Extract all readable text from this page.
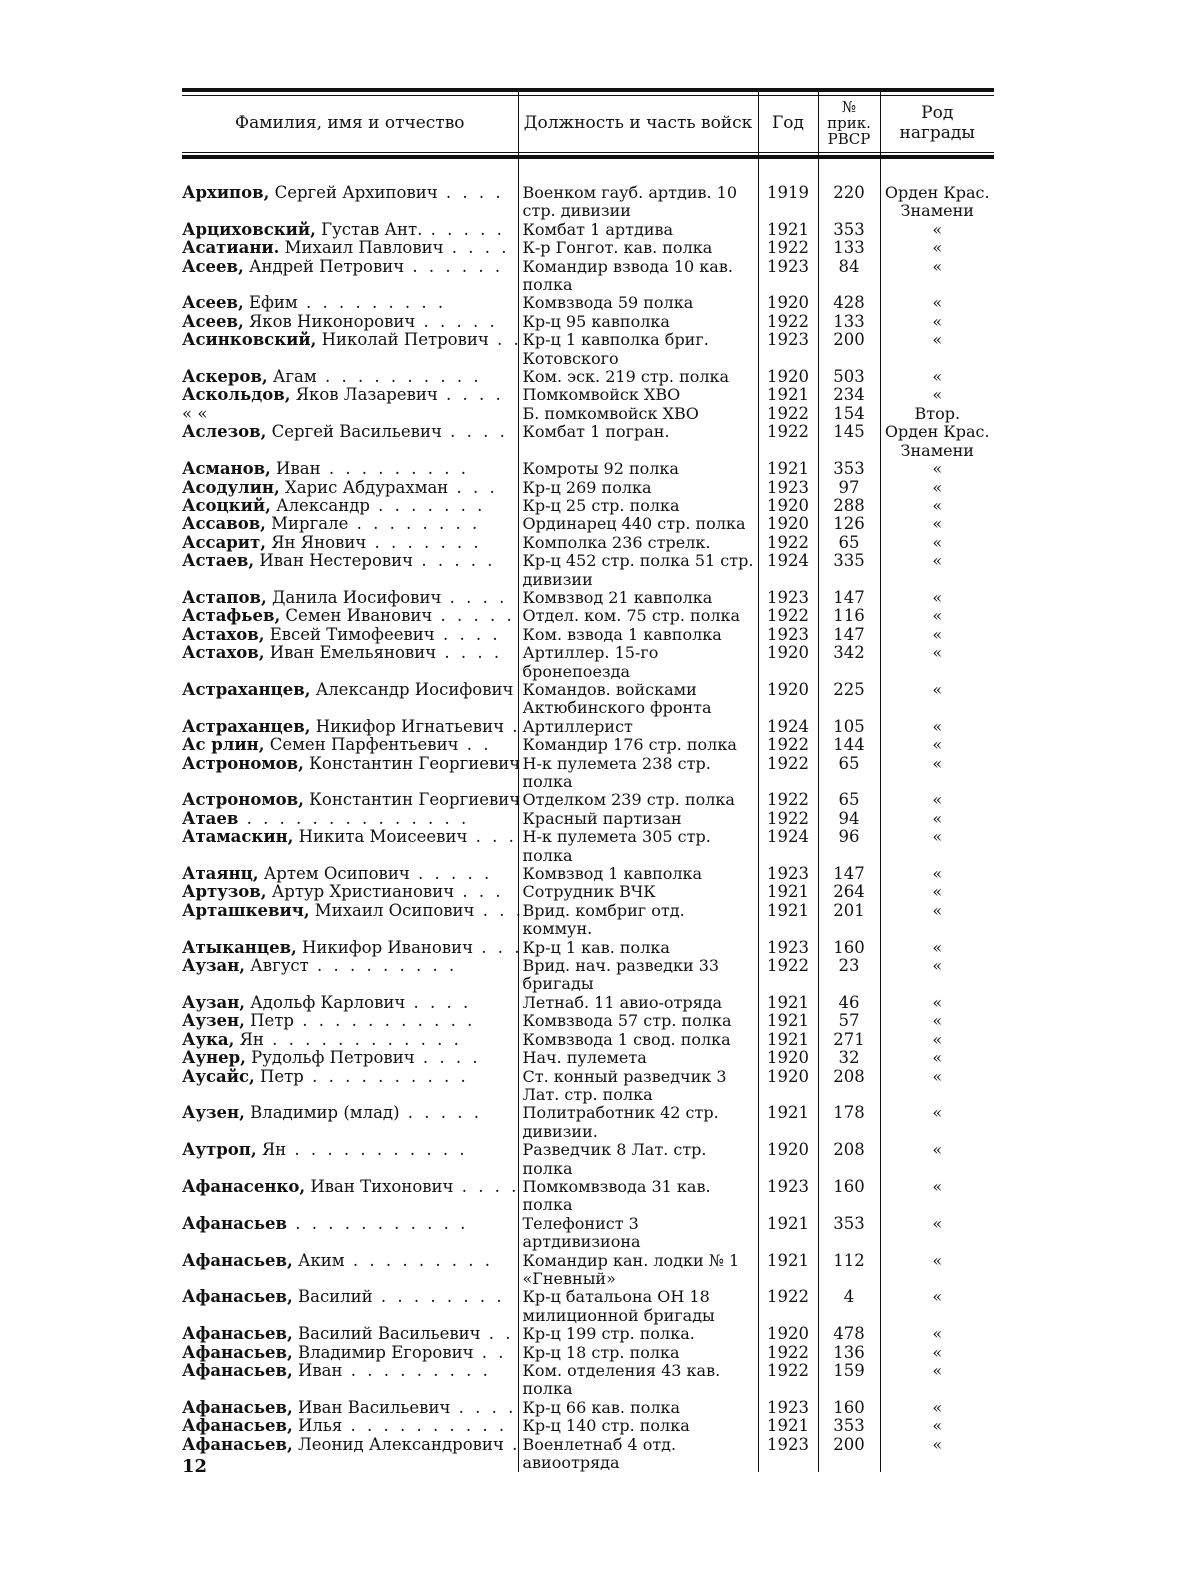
Фамилия, имя и отчество	Должность и часть войск	Год	№
прик.
РВСР	Род награды

Архипов, Сергей Архипович . . . .	Военком гауб. артдив. 10 стр. дивизии	1919	220	Орден Крас. Знамени
Арциховский, Густав Ант. . . . . .	Комбат 1 артдива	1921	353	«
Асатиани. Михаил Павлович . . . .	К-р Гонгот. кав. полка	1922	133	«
Асеев, Андрей Петрович . . . . . .	Командир взвода 10 кав. полка	1923	84	«
Асеев, Ефим . . . . . . . . .	Комвзвода 59 полка	1920	428	«
Асеев, Яков Никонорович . . . . .	Кр-ц 95 кавполка	1922	133	«
Асинковский, Николай Петрович . .	Кр-ц 1 кавполка бриг. Котовского	1923	200	«
Аскеров, Агам . . . . . . . . . .	Ком. эск. 219 стр. полка	1920	503	«
Аскольдов, Яков Лазаревич . . . .	Помкомвойск ХВО	1921	234	«
« «	Б. помкомвойск ХВО	1922	154	Втор.
Аслезов, Сергей Васильевич . . . .	Комбат 1 погран.	1922	145	Орден Крас. Знамени
Асманов, Иван . . . . . . . . .	Комроты 92 полка	1921	353	«
Асодулин, Харис Абдурахман . . .	Кр-ц 269 полка	1923	97	«
Асоцкий, Александр . . . . . . .	Кр-ц 25 стр. полка	1920	288	«
Ассавов, Миргале . . . . . . . .	Ординарец 440 стр. полка	1920	126	«
Ассарит, Ян Янович . . . . . . .	Комполка 236 стрелк.	1922	65	«
Астаев, Иван Нестерович . . . . .	Кр-ц 452 стр. полка 51 стр. дивизии	1924	335	«
Астапов, Данила Иосифович . . . .	Комвзвод 21 кавполка	1923	147	«
Астафьев, Семен Иванович . . . . .	Отдел. ком. 75 стр. полка	1922	116	«
Астахов, Евсей Тимофеевич . . . .	Ком. взвода 1 кавполка	1923	147	«
Астахов, Иван Емельянович . . . .	Артиллер. 15-го бронепоезда	1920	342	«
Астраханцев, Александр Иосифович	Командов. войсками Актюбинского фронта	1920	225	«
Астраханцев, Никифор Игнатьевич .	Артиллерист	1924	105	«
Ас рлин, Семен Парфентьевич . .	Командир 176 стр. полка	1922	144	«
Астрономов, Константин Георгиевич	Н-к пулемета 238 стр. полка	1922	65	«
Астрономов, Константин Георгиевич	Отделком 239 стр. полка	1922	65	«
Атаев . . . . . . . . . . . . . .	Красный партизан	1922	94	«
Атамаскин, Никита Моисеевич . . .	Н-к пулемета 305 стр. полка	1924	96	«
Атаянц, Артем Осипович . . . . .	Комвзвод 1 кавполка	1923	147	«
Артузов, Артур Христианович . . .	Сотрудник ВЧК	1921	264	«
Арташкевич, Михаил Осипович . . .	Врид. комбриг отд. коммун.	1921	201	«
Атыканцев, Никифор Иванович . . .	Кр-ц 1 кав. полка	1923	160	«
Аузан, Август . . . . . . . . .	Врид. нач. разведки 33 бригады	1922	23	«
Аузан, Адольф Карлович . . . .	Летнаб. 11 авио-отряда	1921	46	«
Аузен, Петр . . . . . . . . . . .	Комвзвода 57 стр. полка	1921	57	«
Аука, Ян . . . . . . . . . . . .	Комвзвода 1 свод. полка	1921	271	«
Аунер, Рудольф Петрович . . . .	Нач. пулемета	1920	32	«
Аусайс, Петр . . . . . . . . . .	Ст. конный разведчик 3 Лат. стр. полка	1920	208	«
Аузен, Владимир (млад) . . . . .	Политработник 42 стр. дивизии.	1921	178	«
Аутроп, Ян . . . . . . . . . . .	Разведчик 8 Лат. стр. полка	1920	208	«
Афанасенко, Иван Тихонович . . . .	Помкомвзвода 31 кав. полка	1923	160	«
Афанасьев . . . . . . . . . . .	Телефонист 3 артдивизиона	1921	353	«
Афанасьев, Аким . . . . . . . . .	Командир кан. лодки № 1 «Гневный»	1921	112	«
Афанасьев, Василий . . . . . . . .	Кр-ц батальона ОН 18 милиционной бригады	1922	4	«
Афанасьев, Василий Васильевич . .	Кр-ц 199 стр. полка.	1920	478	«
Афанасьев, Владимир Егорович . .	Кр-ц 18 стр. полка	1922	136	«
Афанасьев, Иван . . . . . . . . .	Ком. отделения 43 кав. полка	1922	159	«
Афанасьев, Иван Васильевич . . . .	Кр-ц 66 кав. полка	1923	160	«
Афанасьев, Илья . . . . . . . . . .	Кр-ц 140 стр. полка	1921	353	«
Афанасьев, Леонид Александрович .	Военлетнаб 4 отд. авиоотряда	1923	200	«
12
